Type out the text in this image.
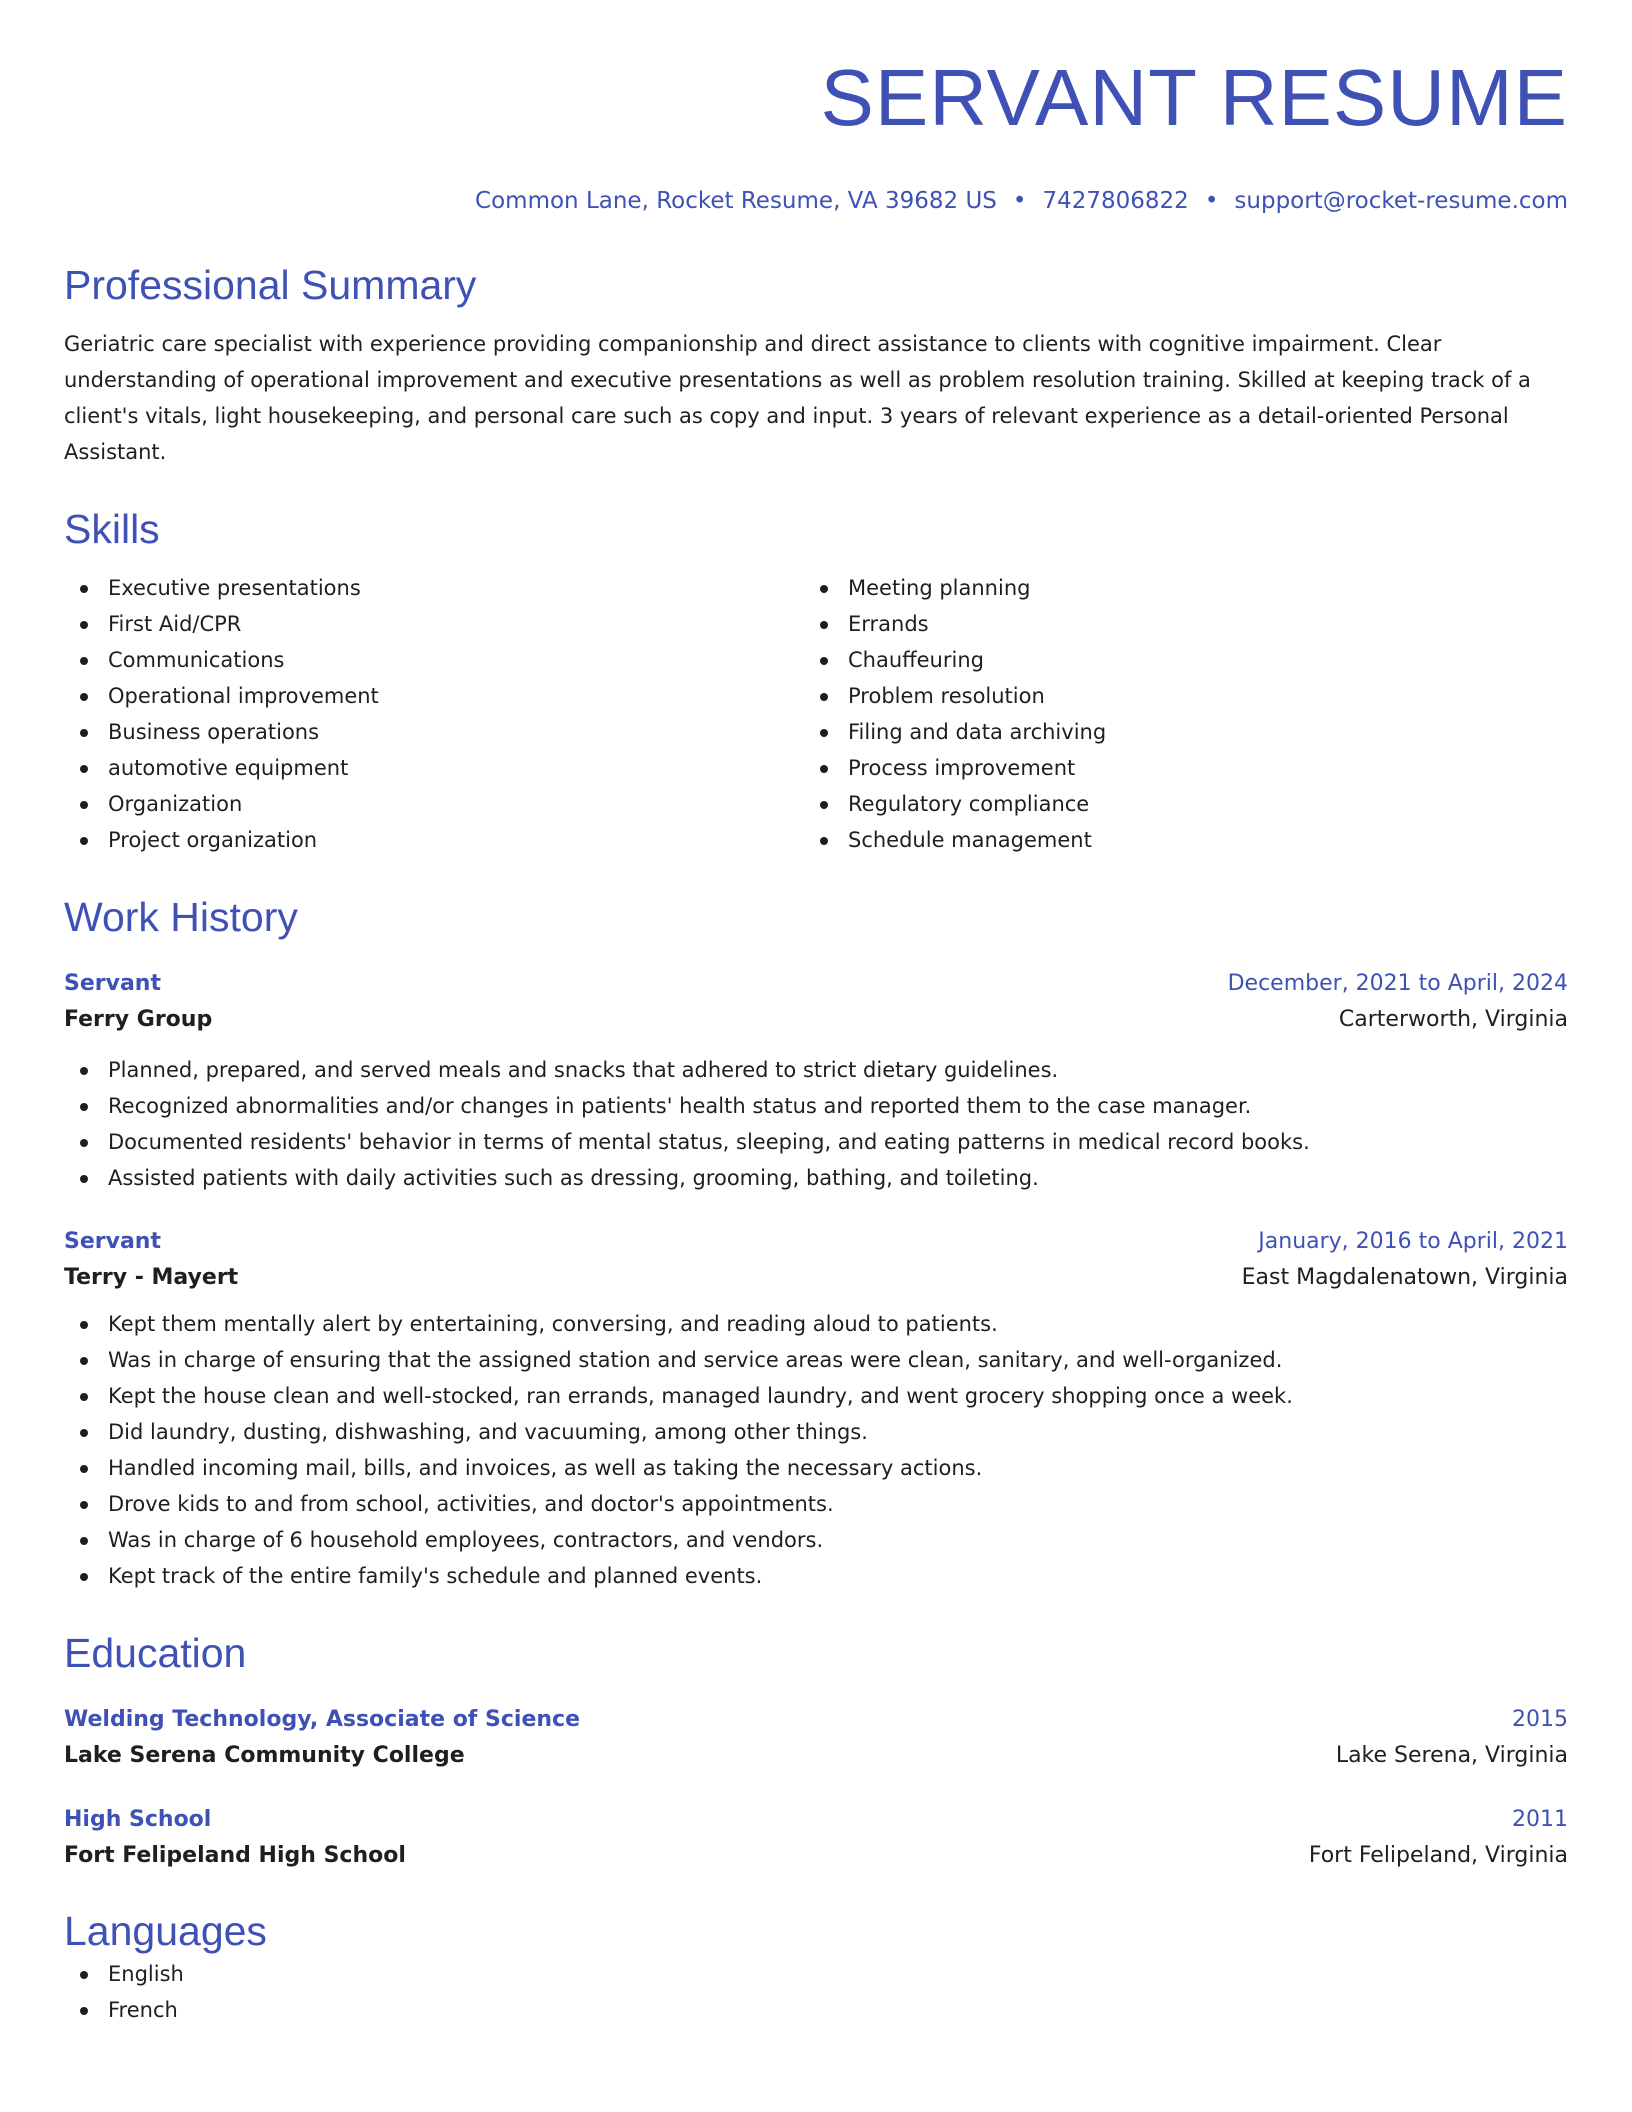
SERVANT RESUME
Common Lane, Rocket Resume, VA 39682 US • 7427806822 • support@rocket-resume.com
Professional Summary
Geriatric care specialist with experience providing companionship and direct assistance to clients with cognitive impairment. Clear understanding of operational improvement and executive presentations as well as problem resolution training. Skilled at keeping track of a client's vitals, light housekeeping, and personal care such as copy and input. 3 years of relevant experience as a detail-oriented Personal Assistant.
Skills
Executive presentations
First Aid/CPR
Communications
Operational improvement
Business operations
automotive equipment
Organization
Project organization
Meeting planning
Errands
Chauffeuring
Problem resolution
Filing and data archiving
Process improvement
Regulatory compliance
Schedule management
Work History
Servant	December, 2021 to April, 2024
Ferry Group	Carterworth, Virginia
Planned, prepared, and served meals and snacks that adhered to strict dietary guidelines.
Recognized abnormalities and/or changes in patients' health status and reported them to the case manager.
Documented residents' behavior in terms of mental status, sleeping, and eating patterns in medical record books.
Assisted patients with daily activities such as dressing, grooming, bathing, and toileting.
Servant	January, 2016 to April, 2021
Terry - Mayert	East Magdalenatown, Virginia
Kept them mentally alert by entertaining, conversing, and reading aloud to patients.
Was in charge of ensuring that the assigned station and service areas were clean, sanitary, and well-organized.
Kept the house clean and well-stocked, ran errands, managed laundry, and went grocery shopping once a week.
Did laundry, dusting, dishwashing, and vacuuming, among other things.
Handled incoming mail, bills, and invoices, as well as taking the necessary actions.
Drove kids to and from school, activities, and doctor's appointments.
Was in charge of 6 household employees, contractors, and vendors.
Kept track of the entire family's schedule and planned events.
Education
Welding Technology, Associate of Science	2015
Lake Serena Community College	Lake Serena, Virginia
High School	2011
Fort Felipeland High School	Fort Felipeland, Virginia
Languages
English
French
